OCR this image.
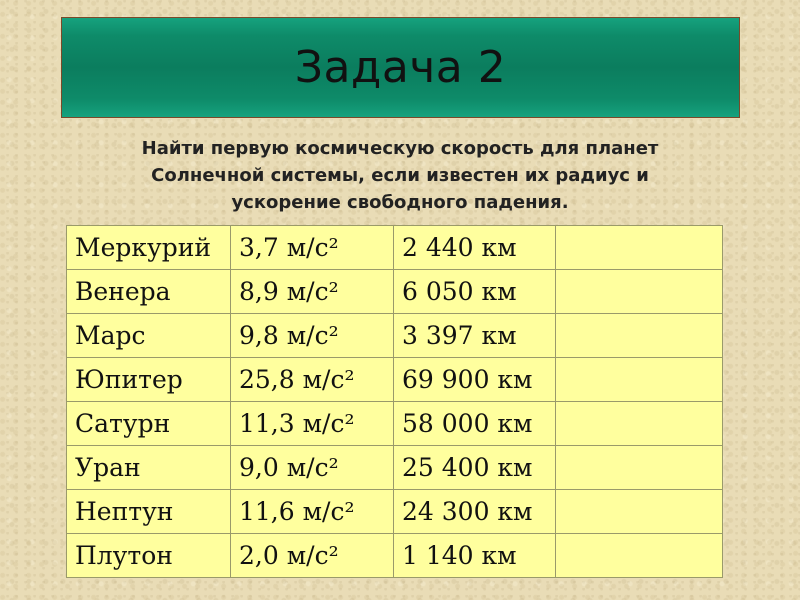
Задача 2
Найти первую космическую скорость для планет
Солнечной системы, если известен их радиус и
ускорение свободного падения.
Меркурий	3,7 м/с²	2 440 км	
Венера	8,9 м/с²	6 050 км	
Марс	9,8 м/с²	3 397 км	
Юпитер	25,8 м/с²	69 900 км	
Сатурн	11,3 м/с²	58 000 км	
Уран	9,0 м/с²	25 400 км	
Нептун	11,6 м/с²	24 300 км	
Плутон	2,0 м/с²	1 140 км	
